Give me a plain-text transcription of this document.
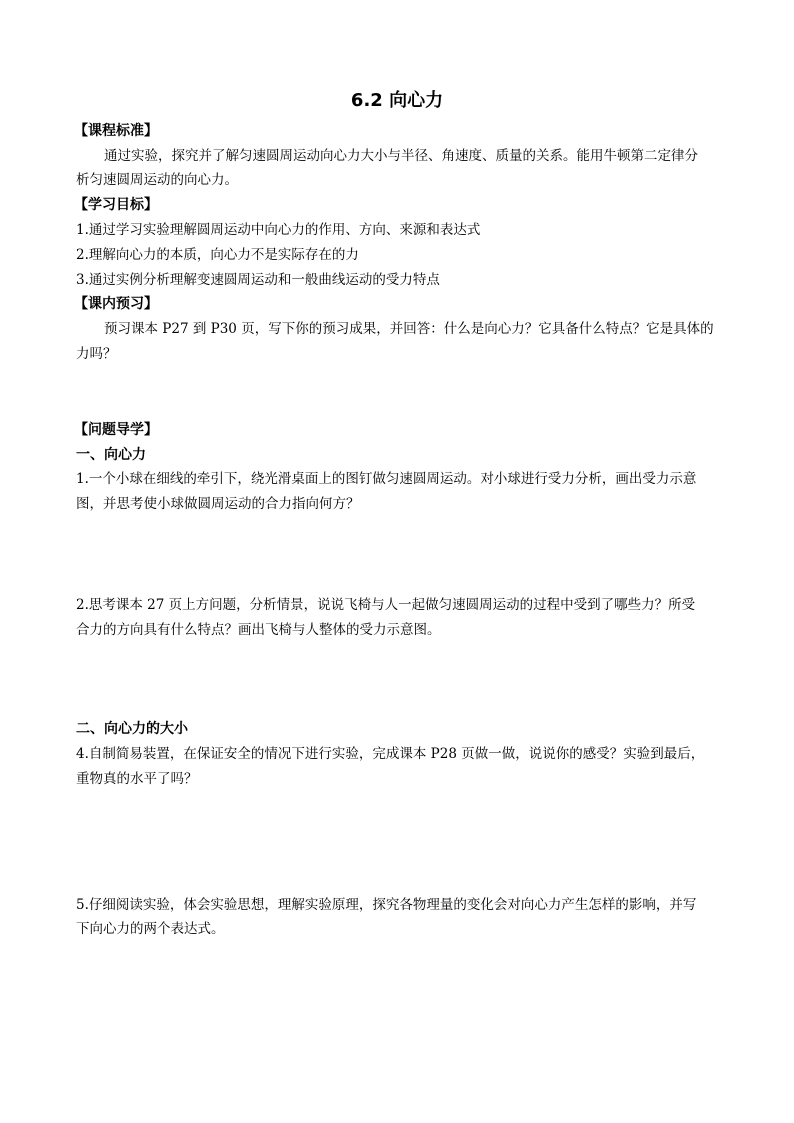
6.2 向心力
【课程标准】
通过实验，探究并了解匀速圆周运动向心力大小与半径、角速度、质量的关系。能用牛顿第二定律分
析匀速圆周运动的向心力。
【学习目标】
1.通过学习实验理解圆周运动中向心力的作用、方向、来源和表达式
2.理解向心力的本质，向心力不是实际存在的力
3.通过实例分析理解变速圆周运动和一般曲线运动的受力特点
【课内预习】
预习课本 P27 到 P30 页，写下你的预习成果，并回答：什么是向心力？它具备什么特点？它是具体的
力吗？
【问题导学】
一、向心力
1.一个小球在细线的牵引下，绕光滑桌面上的图钉做匀速圆周运动。对小球进行受力分析，画出受力示意
图，并思考使小球做圆周运动的合力指向何方？
2.思考课本 27 页上方问题，分析情景，说说飞椅与人一起做匀速圆周运动的过程中受到了哪些力？所受
合力的方向具有什么特点？画出飞椅与人整体的受力示意图。
二、向心力的大小
4.自制简易装置，在保证安全的情况下进行实验，完成课本 P28 页做一做，说说你的感受？实验到最后，
重物真的水平了吗？
5.仔细阅读实验，体会实验思想，理解实验原理，探究各物理量的变化会对向心力产生怎样的影响，并写
下向心力的两个表达式。
